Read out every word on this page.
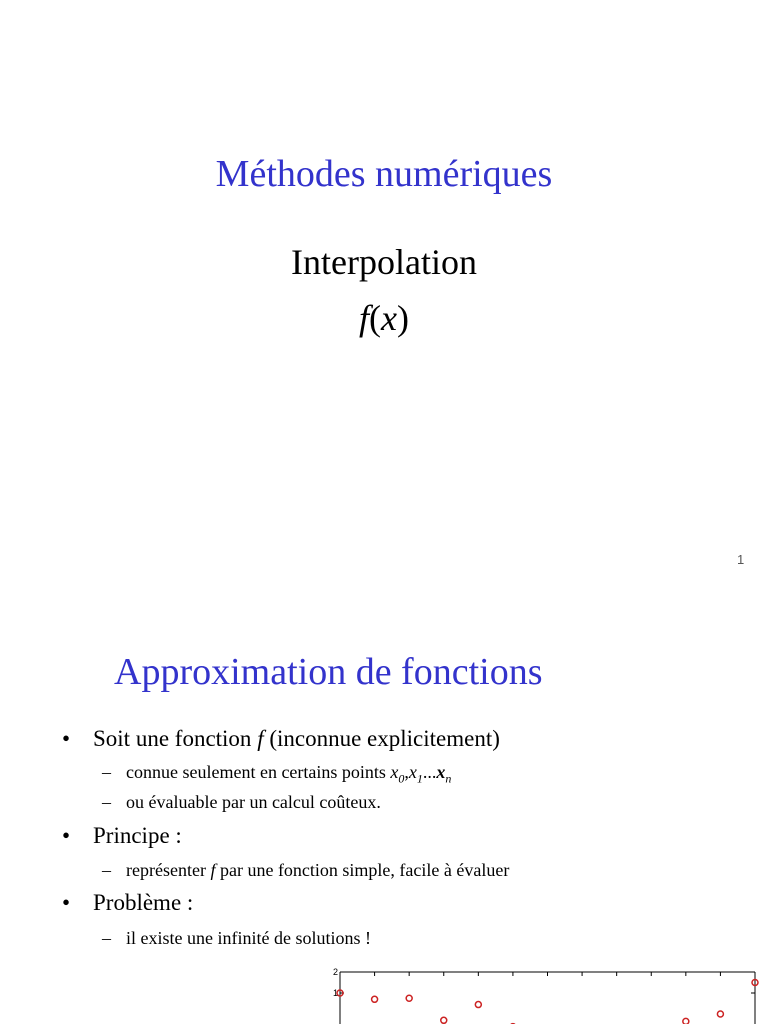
Méthodes numériques
Interpolation
f(x)
1
Approximation de fonctions
• Soit une fonction f (inconnue explicitement)
– connue seulement en certains points $x_0,x_1...x_n$
– ou évaluable par un calcul coûteux.
• Principe :
– représenter f par une fonction simple, facile à évaluer
• Problème :
– il existe une infinité de solutions !
2
1
